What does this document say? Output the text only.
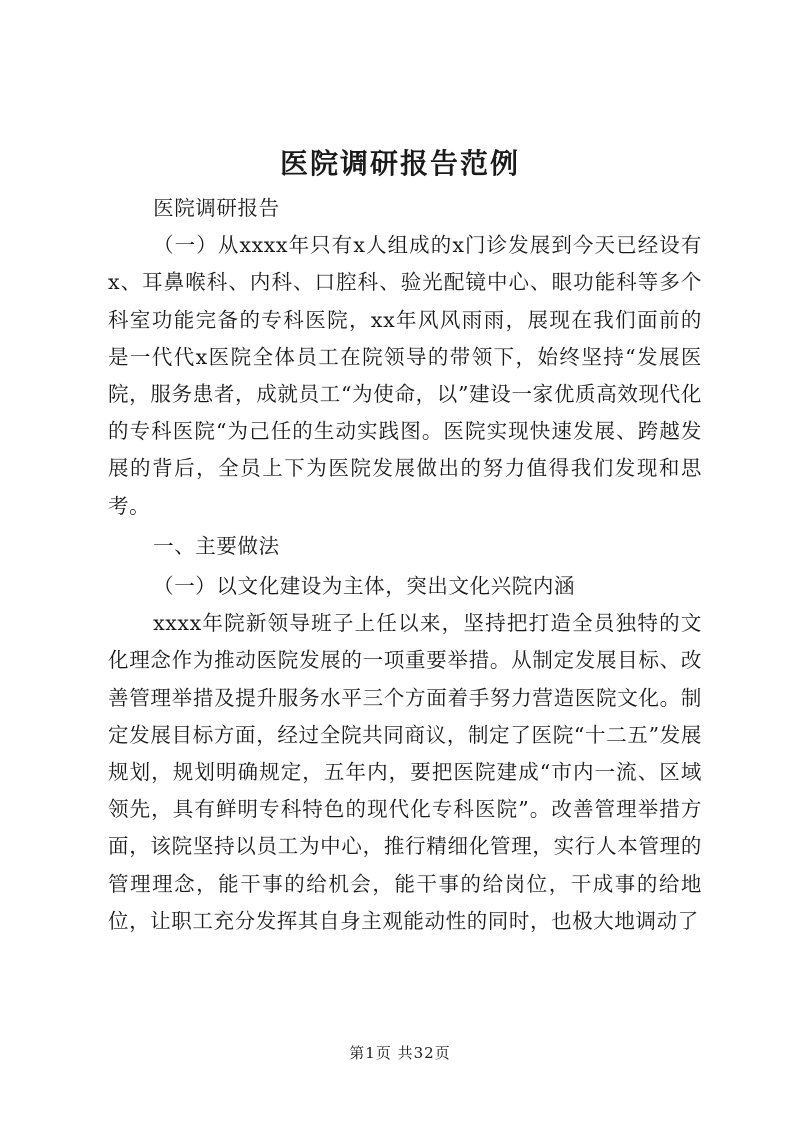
医院调研报告范例

医院调研报告

（一）从xxxx年只有x人组成的x门诊发展到今天已经设有x、耳鼻喉科、内科、口腔科、验光配镜中心、眼功能科等多个科室功能完备的专科医院，xx年风风雨雨，展现在我们面前的是一代代x医院全体员工在院领导的带领下，始终坚持“发展医院，服务患者，成就员工“为使命，以”建设一家优质高效现代化的专科医院“为己任的生动实践图。医院实现快速发展、跨越发展的背后，全员上下为医院发展做出的努力值得我们发现和思考。

一、主要做法

（一）以文化建设为主体，突出文化兴院内涵

xxxx年院新领导班子上任以来，坚持把打造全员独特的文化理念作为推动医院发展的一项重要举措。从制定发展目标、改善管理举措及提升服务水平三个方面着手努力营造医院文化。制定发展目标方面，经过全院共同商议，制定了医院“十二五”发展规划，规划明确规定，五年内，要把医院建成“市内一流、区域领先，具有鲜明专科特色的现代化专科医院”。改善管理举措方面，该院坚持以员工为中心，推行精细化管理，实行人本管理的管理理念，能干事的给机会，能干事的给岗位，干成事的给地位，让职工充分发挥其自身主观能动性的同时，也极大地调动了

第1页 共32页
